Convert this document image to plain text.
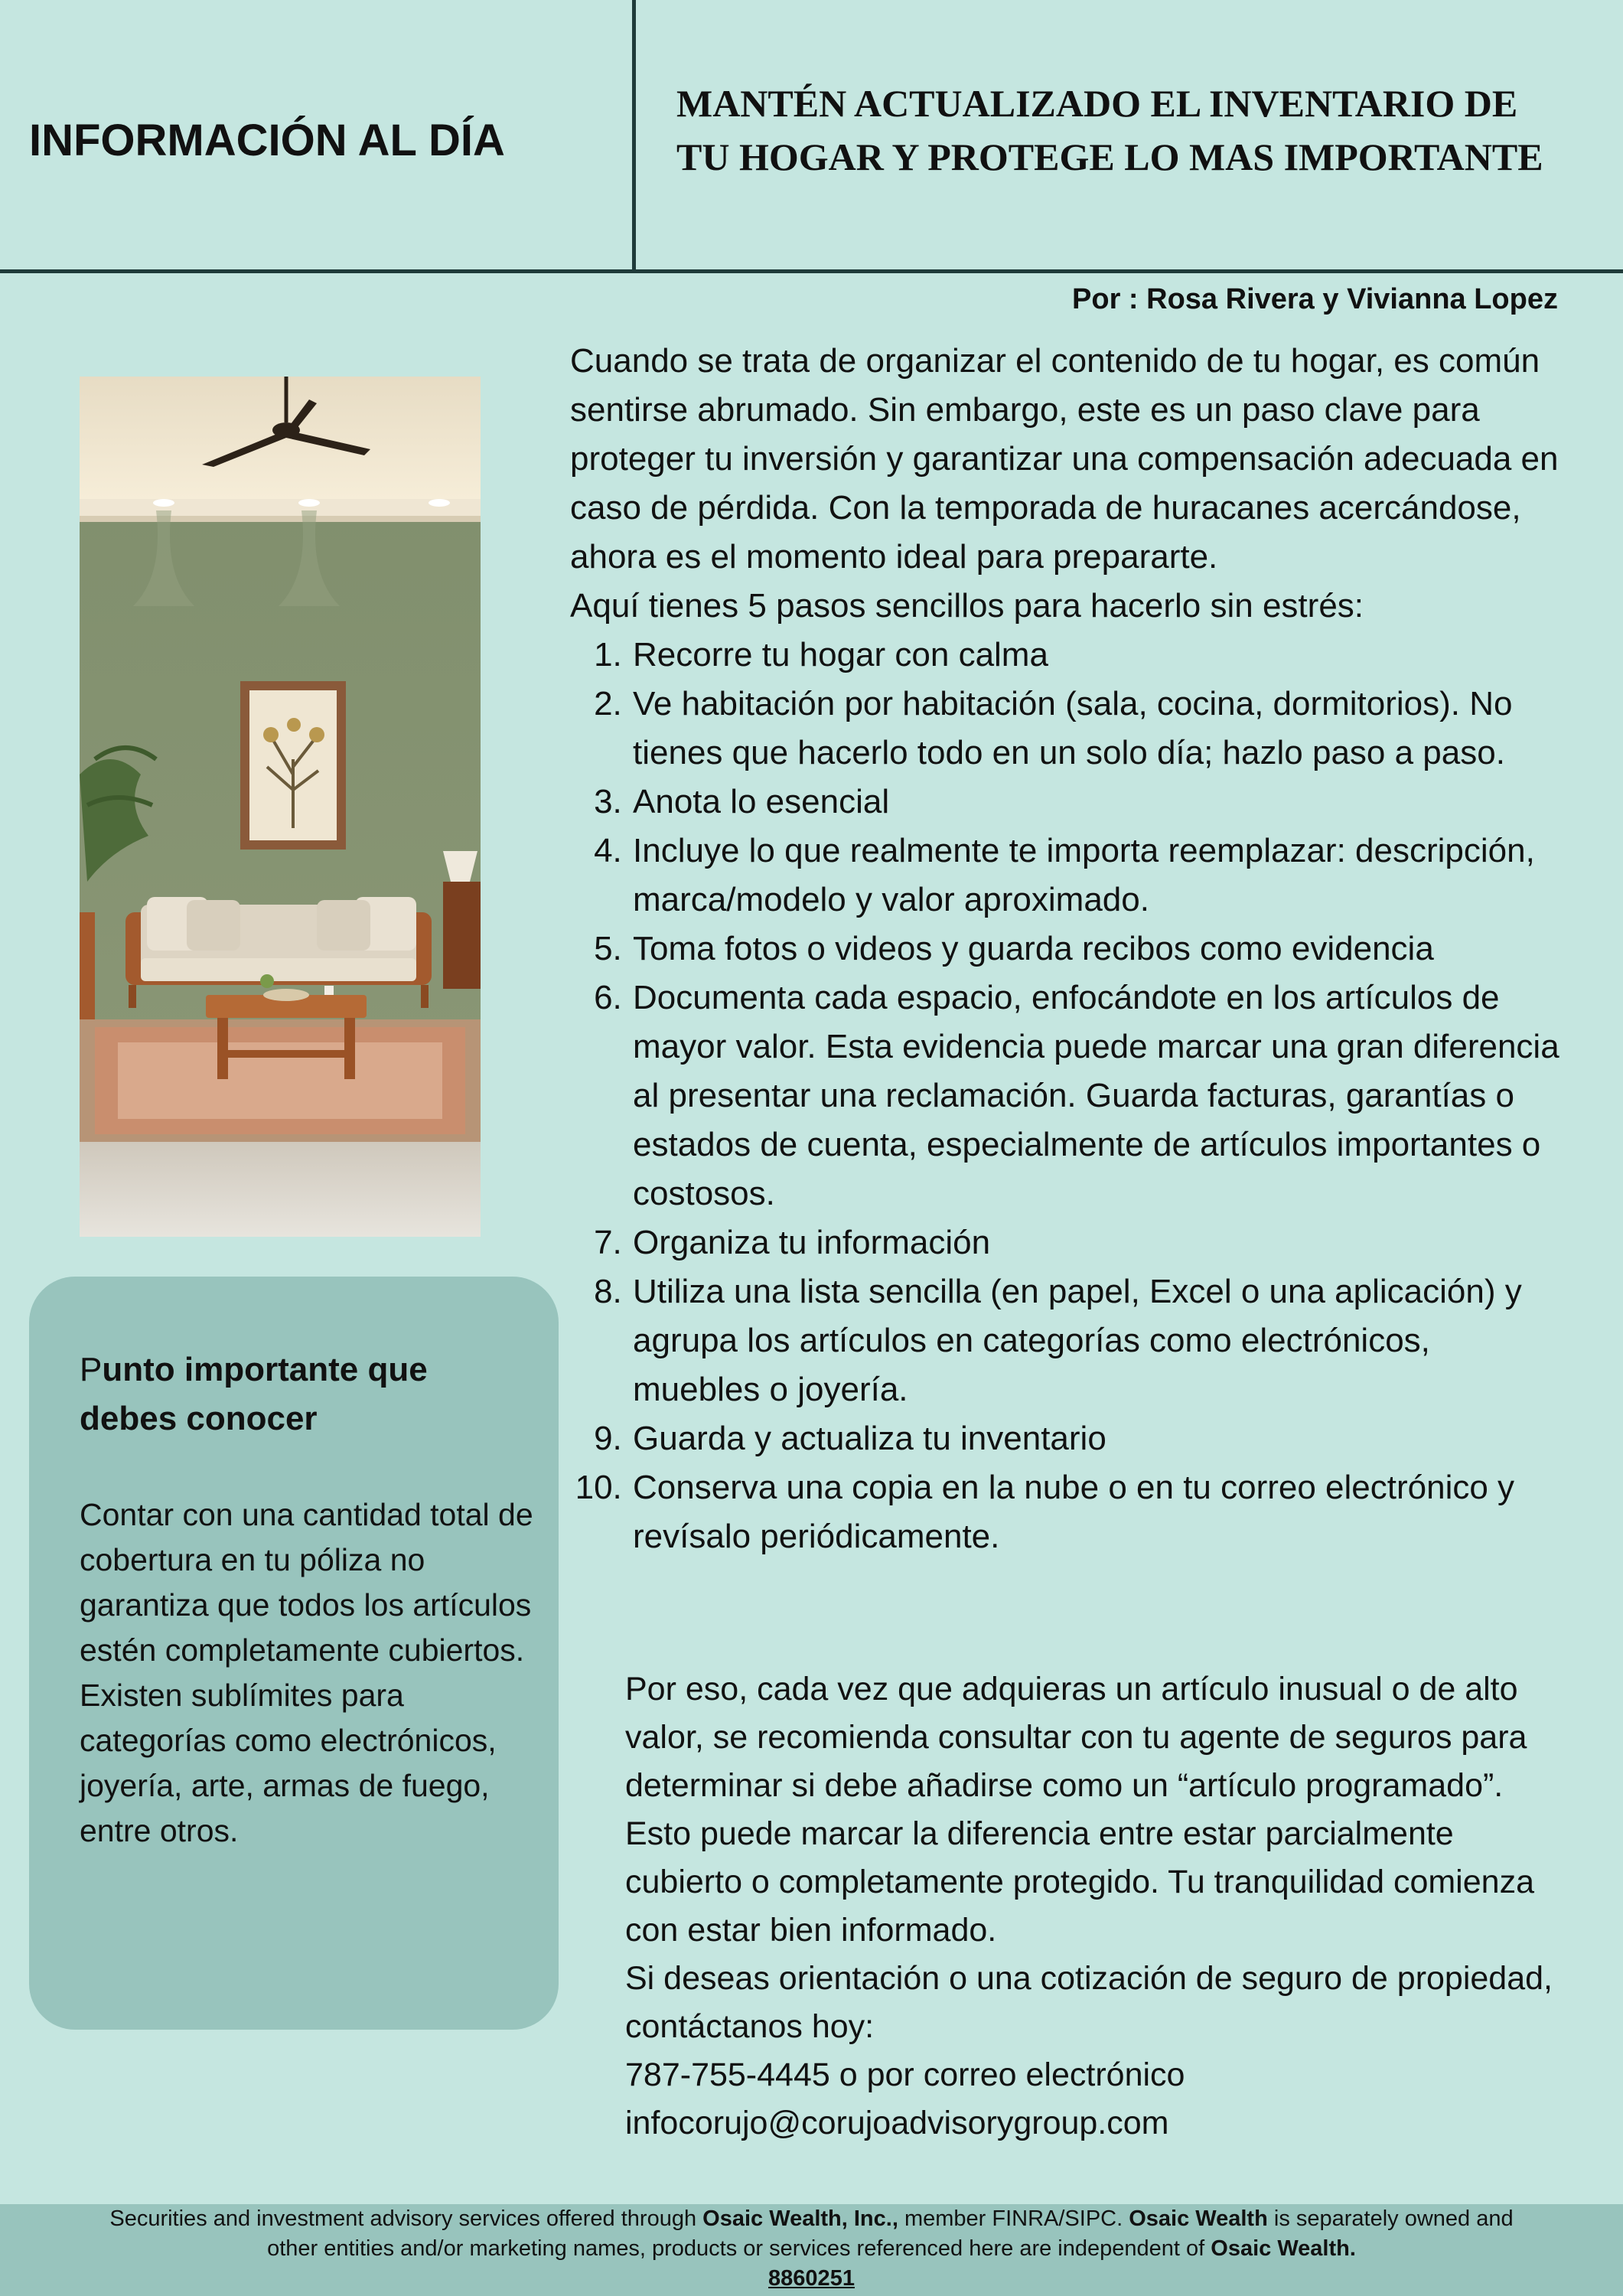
INFORMACIÓN AL DÍA
MANTÉN ACTUALIZADO EL INVENTARIO DE
TU HOGAR Y PROTEGE LO MAS IMPORTANTE
Por : Rosa Rivera y Vivianna Lopez
Punto importante que debes conocer
Contar con una cantidad total de cobertura en tu póliza no garantiza que todos los artículos estén completamente cubiertos. Existen sublímites para categorías como electrónicos, joyería, arte, armas de fuego, entre otros.

Cuando se trata de organizar el contenido de tu hogar, es común sentirse abrumado. Sin embargo, este es un paso clave para proteger tu inversión y garantizar una compensación adecuada en caso de pérdida. Con la temporada de huracanes acercándose, ahora es el momento ideal para prepararte.

Aquí tienes 5 pasos sencillos para hacerlo sin estrés:

1. Recorre tu hogar con calma
2. Ve habitación por habitación (sala, cocina, dormitorios). No tienes que hacerlo todo en un solo día; hazlo paso a paso.
3. Anota lo esencial
4. Incluye lo que realmente te importa reemplazar: descripción, marca/modelo y valor aproximado.
5. Toma fotos o videos y guarda recibos como evidencia
6. Documenta cada espacio, enfocándote en los artículos de mayor valor. Esta evidencia puede marcar una gran diferencia al presentar una reclamación. Guarda facturas, garantías o estados de cuenta, especialmente de artículos importantes o costosos.
7. Organiza tu información
8. Utiliza una lista sencilla (en papel, Excel o una aplicación) y agrupa los artículos en categorías como electrónicos, muebles o joyería.
9. Guarda y actualiza tu inventario
10. Conserva una copia en la nube o en tu correo electrónico y revísalo periódicamente.

Por eso, cada vez que adquieras un artículo inusual o de alto valor, se recomienda consultar con tu agente de seguros para determinar si debe añadirse como un “artículo programado”. Esto puede marcar la diferencia entre estar parcialmente cubierto o completamente protegido. Tu tranquilidad comienza con estar bien informado.

Si deseas orientación o una cotización de seguro de propiedad, contáctanos hoy:

787-755-4445 o por correo electrónico

infocorujo@corujoadvisorygroup.com

Securities and investment advisory services offered through Osaic Wealth, Inc., member FINRA/SIPC. Osaic Wealth is separately owned and
other entities and/or marketing names, products or services referenced here are independent of Osaic Wealth.
8860251
